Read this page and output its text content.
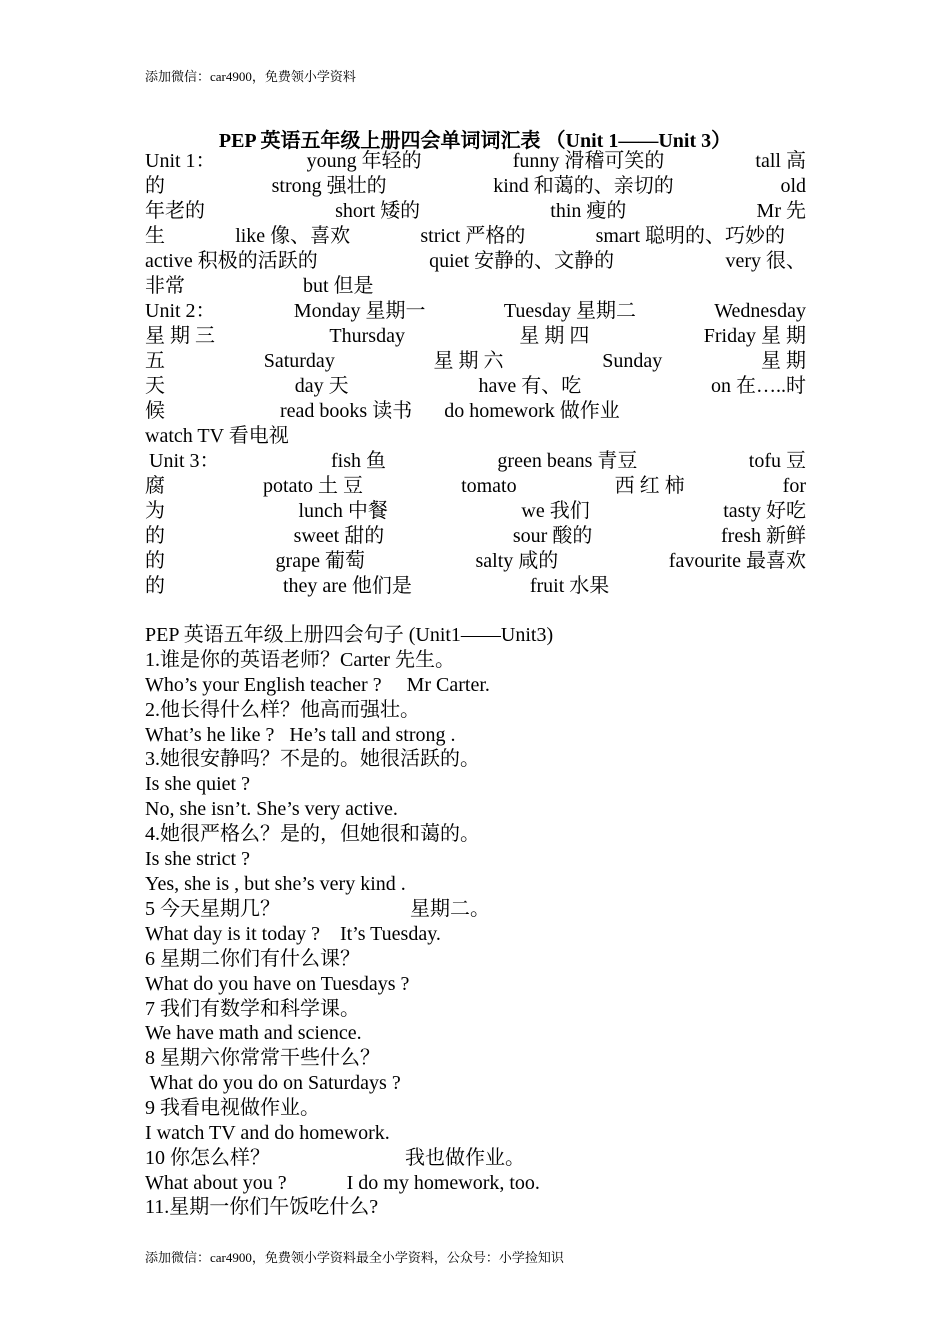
添加微信：car4900，免费领小学资料
PEP 英语五年级上册四会单词词汇表 （Unit 1——Unit 3）
Unit 1：	young 年轻的	funny 滑稽可笑的	tall 高
的	strong 强壮的	kind 和蔼的、亲切的	old
年老的	short 矮的	thin 瘦的	Mr 先
生	like 像、喜欢	strict 严格的	smart 聪明的、巧妙的
active 积极的活跃的	quiet 安静的、文静的	very 很、
非常	but 但是
Unit 2：	Monday 星期一	Tuesday 星期二	Wednesday
星 期 三	Thursday	星 期 四	Friday 星 期
五	Saturday	星 期 六	Sunday	星 期
天	day 天	have 有、吃	on 在…..时
候	read books 读书 do homework 做作业
watch TV 看电视
Unit 3：	fish 鱼	green beans 青豆	tofu 豆
腐	potato 土 豆	tomato	西 红 柿	for
为	lunch 中餐	we 我们	tasty 好吃
的	sweet 甜的	sour 酸的	fresh 新鲜
的	grape 葡萄	salty 咸的	favourite 最喜欢
的	they are 他们是	fruit 水果
PEP 英语五年级上册四会句子 (Unit1——Unit3)
1.谁是你的英语老师？Carter 先生。
Who’s your English teacher ?     Mr Carter.
2.他长得什么样？他高而强壮。
What’s he like ?   He’s tall and strong .
3.她很安静吗？不是的。她很活跃的。
Is she quiet ?
No, she isn’t. She’s very active.
4.她很严格么？是的，但她很和蔼的。
Is she strict ?
Yes, she is , but she’s very kind .
5 今天星期几？                          星期二。
What day is it today ?    It’s Tuesday.
6 星期二你们有什么课？
What do you have on Tuesdays ?
7 我们有数学和科学课。
We have math and science.
8 星期六你常常干些什么？
What do you do on Saturdays ?
9 我看电视做作业。
I watch TV and do homework.
10 你怎么样？                           我也做作业。
What about you ?            I do my homework, too.
11.星期一你们午饭吃什么?
添加微信：car4900，免费领小学资料最全小学资料，公众号：小学捡知识
